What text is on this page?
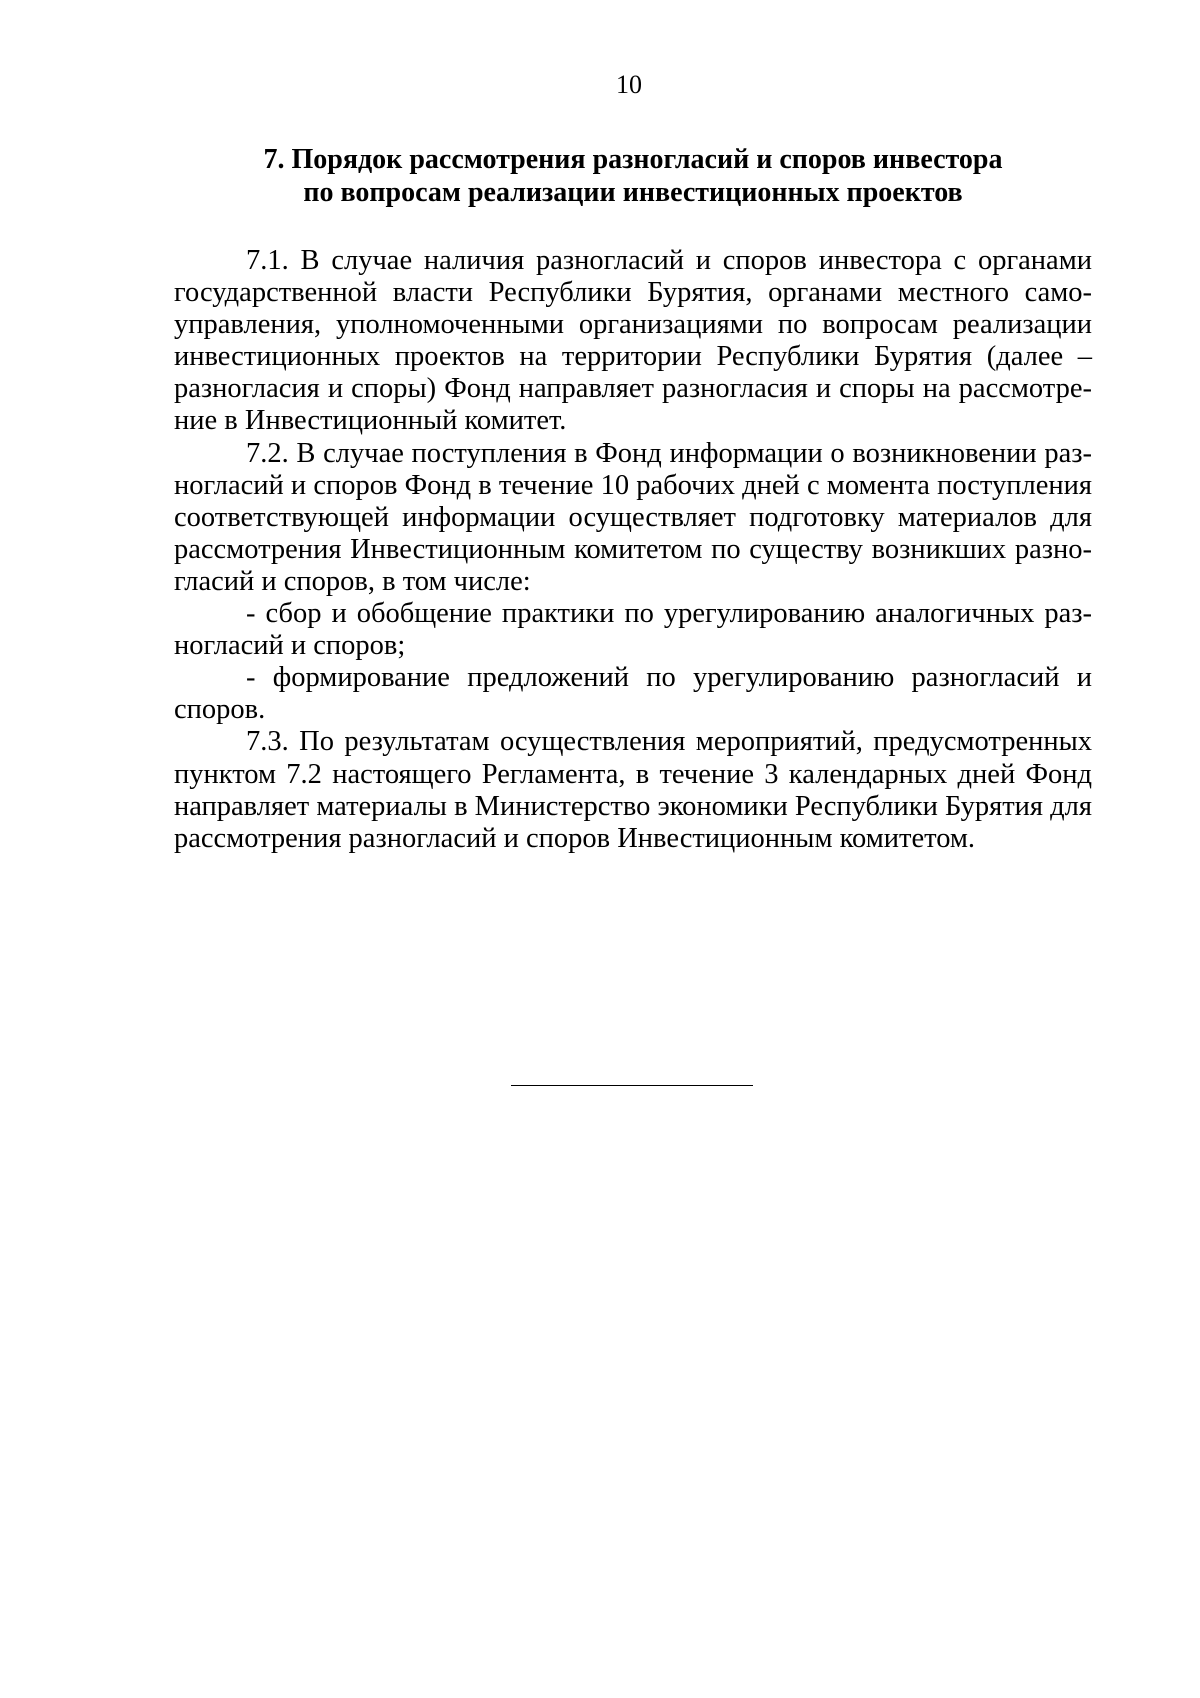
10
7. Порядок рассмотрения разногласий и споров инвестора
по вопросам реализации инвестиционных проектов
7.1. В случае наличия разногласий и споров инвестора с органами
государственной власти Республики Бурятия, органами местного само-
управления, уполномоченными организациями по вопросам реализации
инвестиционных проектов на территории Республики Бурятия (далее –
разногласия и споры) Фонд направляет разногласия и споры на рассмотре-
ние в Инвестиционный комитет.
7.2. В случае поступления в Фонд информации о возникновении раз-
ногласий и споров Фонд в течение 10 рабочих дней с момента поступления
соответствующей информации осуществляет подготовку материалов для
рассмотрения Инвестиционным комитетом по существу возникших разно-
гласий и споров, в том числе:
- сбор и обобщение практики по урегулированию аналогичных раз-
ногласий и споров;
- формирование предложений по урегулированию разногласий и
споров.
7.3. По результатам осуществления мероприятий, предусмотренных
пунктом 7.2 настоящего Регламента, в течение 3 календарных дней Фонд
направляет материалы в Министерство экономики Республики Бурятия для
рассмотрения разногласий и споров Инвестиционным комитетом.
